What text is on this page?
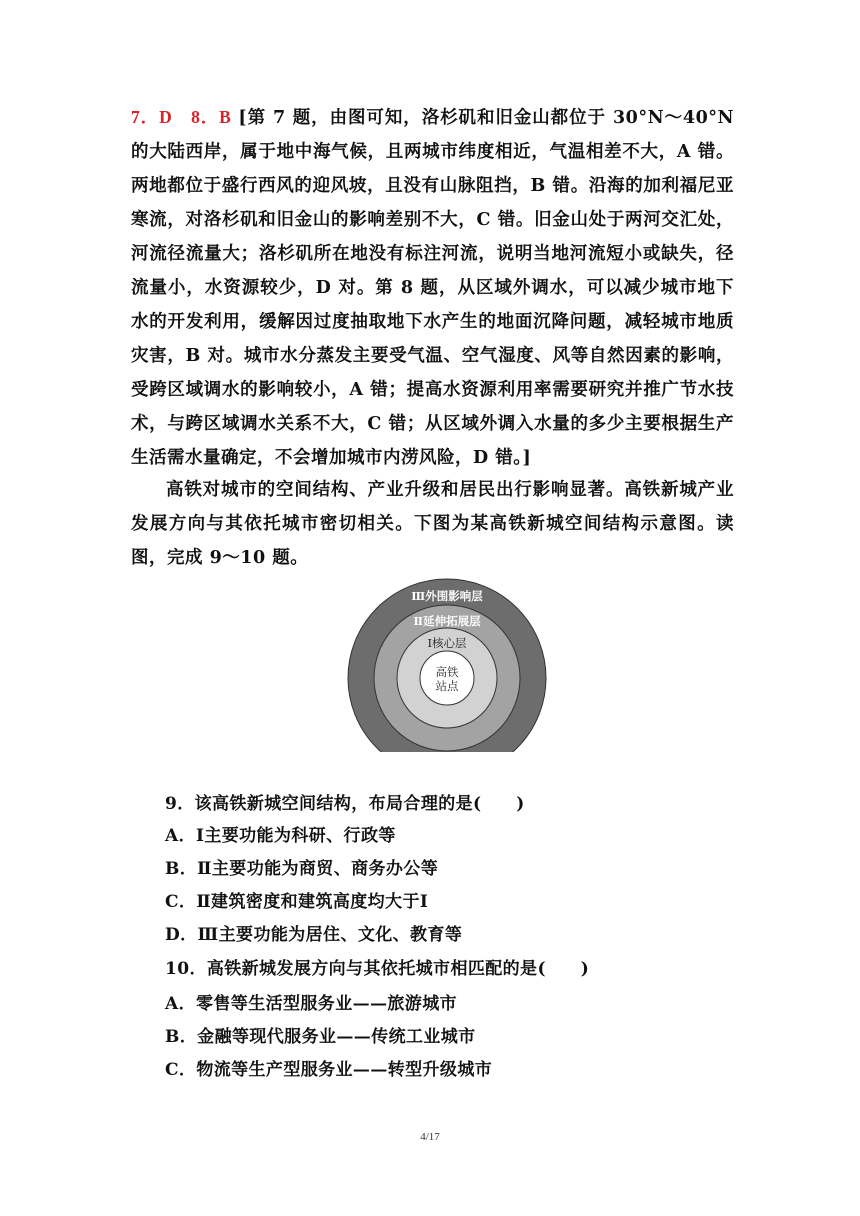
7．D　8．B [第 7 题，由图可知，洛杉矶和旧金山都位于 30°N～40°N 的大陆西岸，属于地中海气候，且两城市纬度相近，气温相差不大，A 错。两地都位于盛行西风的迎风坡，且没有山脉阻挡，B 错。沿海的加利福尼亚寒流，对洛杉矶和旧金山的影响差别不大，C 错。旧金山处于两河交汇处，河流径流量大；洛杉矶所在地没有标注河流，说明当地河流短小或缺失，径流量小，水资源较少，D 对。第 8 题，从区域外调水，可以减少城市地下水的开发利用，缓解因过度抽取地下水产生的地面沉降问题，减轻城市地质灾害，B 对。城市水分蒸发主要受气温、空气湿度、风等自然因素的影响，受跨区域调水的影响较小，A 错；提高水资源利用率需要研究并推广节水技术，与跨区域调水关系不大，C 错；从区域外调入水量的多少主要根据生产生活需水量确定，不会增加城市内涝风险，D 错。]
高铁对城市的空间结构、产业升级和居民出行影响显著。高铁新城产业发展方向与其依托城市密切相关。下图为某高铁新城空间结构示意图。读图，完成 9～10 题。
Ⅲ外围影响层
Ⅱ延伸拓展层
Ⅰ核心层
高铁
站点
9．该高铁新城空间结构，布局合理的是(　　)
A．Ⅰ主要功能为科研、行政等
B．Ⅱ主要功能为商贸、商务办公等
C．Ⅱ建筑密度和建筑高度均大于Ⅰ
D．Ⅲ主要功能为居住、文化、教育等
10．高铁新城发展方向与其依托城市相匹配的是(　　)
A．零售等生活型服务业——旅游城市
B．金融等现代服务业——传统工业城市
C．物流等生产型服务业——转型升级城市
4/17
